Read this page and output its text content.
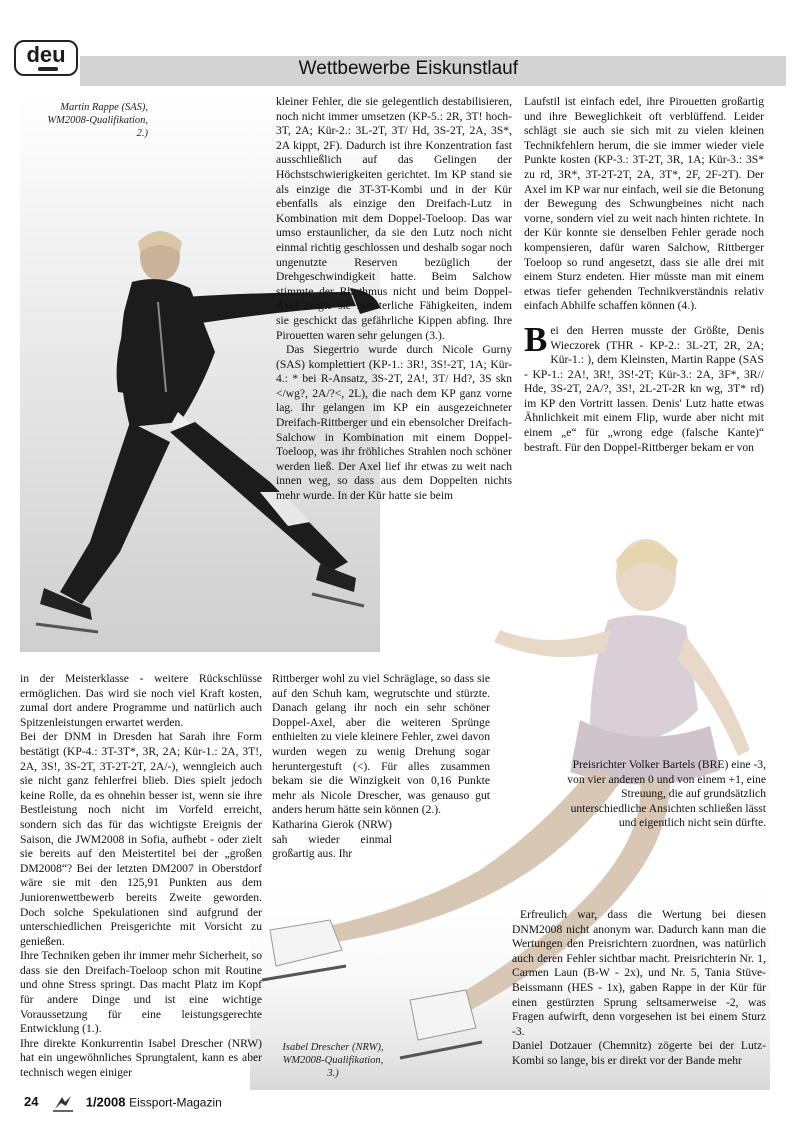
deu
Wettbewerbe Eiskunstlauf
Martin Rappe (SAS), WM2008-Qualifikation, 2.)

kleiner Fehler, die sie gelegentlich destabilisieren, noch nicht immer umsetzen (KP-5.: 2R, 3T! hoch-3T, 2A; Kür-2.: 3L-2T, 3T/ Hd, 3S-2T, 2A, 3S*, 2A kippt, 2F). Dadurch ist ihre Konzentration fast ausschließlich auf das Gelingen der Höchstschwierigkeiten gerichtet. Im KP stand sie als einzige die 3T-3T-Kombi und in der Kür ebenfalls als einzige den Dreifach-Lutz in Kombination mit dem Doppel-Toeloop. Das war umso erstaunlicher, da sie den Lutz noch nicht einmal richtig geschlossen und deshalb sogar noch ungenutzte Reserven bezüglich der Drehgeschwindigkeit hatte. Beim Salchow stimmte der Rhythmus nicht und beim Doppel-Axel zeigte sie meisterliche Fähigkeiten, indem sie geschickt das gefährliche Kippen abfing. Ihre Pirouetten waren sehr gelungen (3.).

Das Siegertrio wurde durch Nicole Gurny (SAS) komplettiert (KP-1.: 3R!, 3S!-2T, 1A; Kür-4.: * bei R-Ansatz, 3S-2T, 2A!, 3T/ Hd?, 3S skn </wg?, 2A/?<, 2L), die nach dem KP ganz vorne lag. Ihr gelangen im KP ein ausgezeichneter Dreifach-Rittberger und ein ebensolcher Dreifach-Salchow in Kombination mit einem Doppel-Toeloop, was ihr fröhliches Strahlen noch schöner werden ließ. Der Axel lief ihr etwas zu weit nach innen weg, so dass aus dem Doppelten nichts mehr wurde. In der Kür hatte sie beim

Laufstil ist einfach edel, ihre Pirouetten großartig und ihre Beweglichkeit oft verblüffend. Leider schlägt sie auch sie sich mit zu vielen kleinen Technikfehlern herum, die sie immer wieder viele Punkte kosten (KP-3.: 3T-2T, 3R, 1A; Kür-3.: 3S* zu rd, 3R*, 3T-2T-2T, 2A, 3T*, 2F, 2F-2T). Der Axel im KP war nur einfach, weil sie die Betonung der Bewegung des Schwungbeines nicht nach vorne, sondern viel zu weit nach hinten richtete. In der Kür konnte sie denselben Fehler gerade noch kompensieren, dafür waren Salchow, Rittberger Toeloop so rund angesetzt, dass sie alle drei mit einem Sturz endeten. Hier müsste man mit einem etwas tiefer gehenden Technikverständnis relativ einfach Abhilfe schaffen können (4.).

Bei den Herren musste der Größte, Denis Wieczorek (THR - KP-2.: 3L-2T, 2R, 2A; Kür-1.: ), dem Kleinsten, Martin Rappe (SAS - KP-1.: 2A!, 3R!, 3S!-2T; Kür-3.: 2A, 3F*, 3R// Hde, 3S-2T, 2A/?, 3S!, 2L-2T-2R kn wg, 3T* rd) im KP den Vortritt lassen. Denis' Lutz hatte etwas Ähnlichkeit mit einem Flip, wurde aber nicht mit einem „e“ für „wrong edge (falsche Kante)“ bestraft. Für den Doppel-Rittberger bekam er von

in der Meisterklasse - weitere Rückschlüsse ermöglichen. Das wird sie noch viel Kraft kosten, zumal dort andere Programme und natürlich auch Spitzenleistungen erwartet werden.

Bei der DNM in Dresden hat Sarah ihre Form bestätigt (KP-4.: 3T-3T*, 3R, 2A; Kür-1.: 2A, 3T!, 2A, 3S!, 3S-2T, 3T-2T-2T, 2A/-), wenngleich auch sie nicht ganz fehlerfrei blieb. Dies spielt jedoch keine Rolle, da es ohnehin besser ist, wenn sie ihre Bestleistung noch nicht im Vorfeld erreicht, sondern sich das für das wichtigste Ereignis der Saison, die JWM2008 in Sofia, aufhebt - oder zielt sie bereits auf den Meistertitel bei der „großen DM2008“? Bei der letzten DM2007 in Oberstdorf wäre sie mit den 125,91 Punkten aus dem Juniorenwettbewerb bereits Zweite geworden. Doch solche Spekulationen sind aufgrund der unterschiedlichen Preisgerichte mit Vorsicht zu genießen.

Ihre Techniken geben ihr immer mehr Sicherheit, so dass sie den Dreifach-Toeloop schon mit Routine und ohne Stress springt. Das macht Platz im Kopf für andere Dinge und ist eine wichtige Voraussetzung für eine leistungsgerechte Entwicklung (1.).

Ihre direkte Konkurrentin Isabel Drescher (NRW) hat ein ungewöhnliches Sprungtalent, kann es aber technisch wegen einiger

Rittberger wohl zu viel Schräglage, so dass sie auf den Schuh kam, wegrutschte und stürzte. Danach gelang ihr noch ein sehr schöner Doppel-Axel, aber die weiteren Sprünge enthielten zu viele kleinere Fehler, zwei davon wurden wegen zu wenig Drehung sogar heruntergestuft (<). Für alles zusammen bekam sie die Winzigkeit von 0,16 Punkte mehr als Nicole Drescher, was genauso gut anders herum hätte sein können (2.).

Katharina Gierok (NRW) sah wieder einmal großartig aus. Ihr

Preisrichter Volker Bartels (BRE) eine -3, von vier anderen 0 und von einem +1, eine Streuung, die auf grundsätzlich unterschiedliche Ansichten schließen lässt und eigentlich nicht sein dürfte.

Erfreulich war, dass die Wertung bei diesen DNM2008 nicht anonym war. Dadurch kann man die Wertungen den Preisrichtern zuordnen, was natürlich auch deren Fehler sichtbar macht. Preisrichterin Nr. 1, Carmen Laun (B-W - 2x), und Nr. 5, Tania Stüve-Beissmann (HES - 1x), gaben Rappe in der Kür für einen gestürzten Sprung seltsamerweise -2, was Fragen aufwirft, denn vorgesehen ist bei einem Sturz -3.

Daniel Dotzauer (Chemnitz) zögerte bei der Lutz-Kombi so lange, bis er direkt vor der Bande mehr

Isabel Drescher (NRW), WM2008-Qualifikation, 3.)
24	1/2008 Eissport-Magazin
